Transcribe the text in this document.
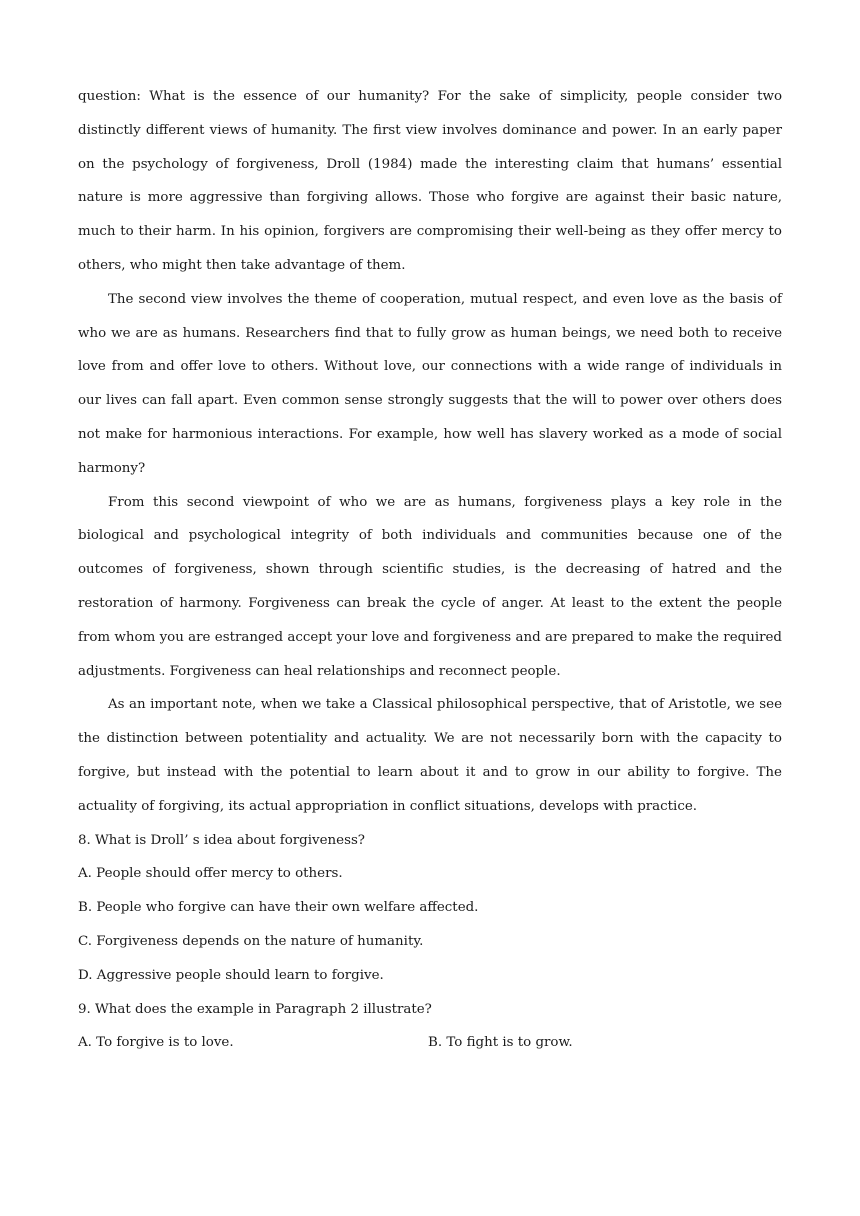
question: What is the essence of our humanity? For the sake of simplicity, people consider two distinctly different views of humanity. The first view involves dominance and power. In an early paper on the psychology of forgiveness, Droll (1984) made the interesting claim that humans’ essential nature is more aggressive than forgiving allows. Those who forgive are against their basic nature, much to their harm. In his opinion, forgivers are compromising their well-being as they offer mercy to others, who might then take advantage of them.

The second view involves the theme of cooperation, mutual respect, and even love as the basis of who we are as humans. Researchers find that to fully grow as human beings, we need both to receive love from and offer love to others. Without love, our connections with a wide range of individuals in our lives can fall apart. Even common sense strongly suggests that the will to power over others does not make for harmonious interactions. For example, how well has slavery worked as a mode of social harmony?

From this second viewpoint of who we are as humans, forgiveness plays a key role in the biological and psychological integrity of both individuals and communities because one of the outcomes of forgiveness, shown through scientific studies, is the decreasing of hatred and the restoration of harmony. Forgiveness can break the cycle of anger. At least to the extent the people from whom you are estranged accept your love and forgiveness and are prepared to make the required adjustments. Forgiveness can heal relationships and reconnect people.

As an important note, when we take a Classical philosophical perspective, that of Aristotle, we see the distinction between potentiality and actuality. We are not necessarily born with the capacity to forgive, but instead with the potential to learn about it and to grow in our ability to forgive. The actuality of forgiving, its actual appropriation in conflict situations, develops with practice.

8. What is Droll’ s idea about forgiveness?

A. People should offer mercy to others.

B. People who forgive can have their own welfare affected.

C. Forgiveness depends on the nature of humanity.

D. Aggressive people should learn to forgive.

9. What does the example in Paragraph 2 illustrate?

A. To forgive is to love.	B. To fight is to grow.
